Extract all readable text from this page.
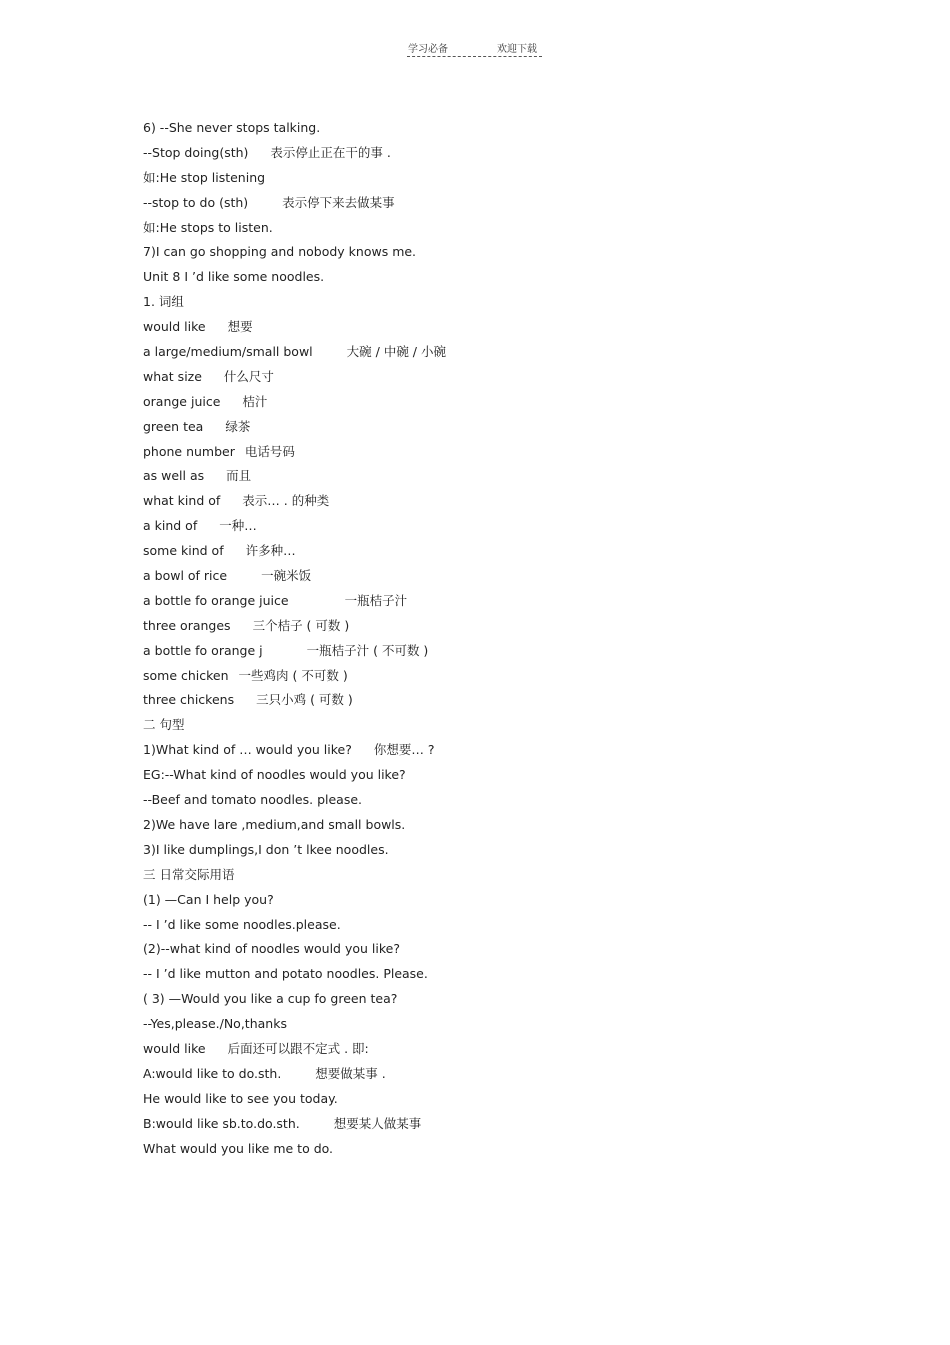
学习必备	欢迎下载
6) --She never stops talking.
--Stop doing(sth) 表示停止正在干的事 .
如:He stop listening
--stop to do (sth)	表示停下来去做某事
如:He stops to listen.
7)I can go shopping and nobody knows me.
Unit 8 I ’d like some noodles.
1. 词组
would like 想要
a large/medium/small bowl	大碗 / 中碗 / 小碗
what size 什么尺寸
orange juice 桔汁
green tea 绿茶
phone number 电话号码
as well as 而且
what kind of 表示… . 的种类
a kind of 一种…
some kind of 许多种…
a bowl of rice	一碗米饭
a bottle fo orange juice	一瓶桔子汁
three oranges 三个桔子 ( 可数 )
a bottle fo orange j	一瓶桔子汁 ( 不可数 )
some chicken 一些鸡肉 ( 不可数 )
three chickens 三只小鸡 ( 可数 )
二 句型
1)What kind of … would you like? 你想要… ?
EG:--What kind of noodles would you like?
--Beef and tomato noodles. please.
2)We have lare ,medium,and small bowls.
3)I like dumplings,I don ’t lkee noodles.
三 日常交际用语
(1) —Can I help you?
-- I ’d like some noodles.please.
(2)--what kind of noodles would you like?
-- I ’d like mutton and potato noodles. Please.
( 3) —Would you like a cup fo green tea?
--Yes,please./No,thanks
would like 后面还可以跟不定式 . 即:
A:would like to do.sth.	想要做某事 .
He would like to see you today.
B:would like sb.to.do.sth.	想要某人做某事
What would you like me to do.
